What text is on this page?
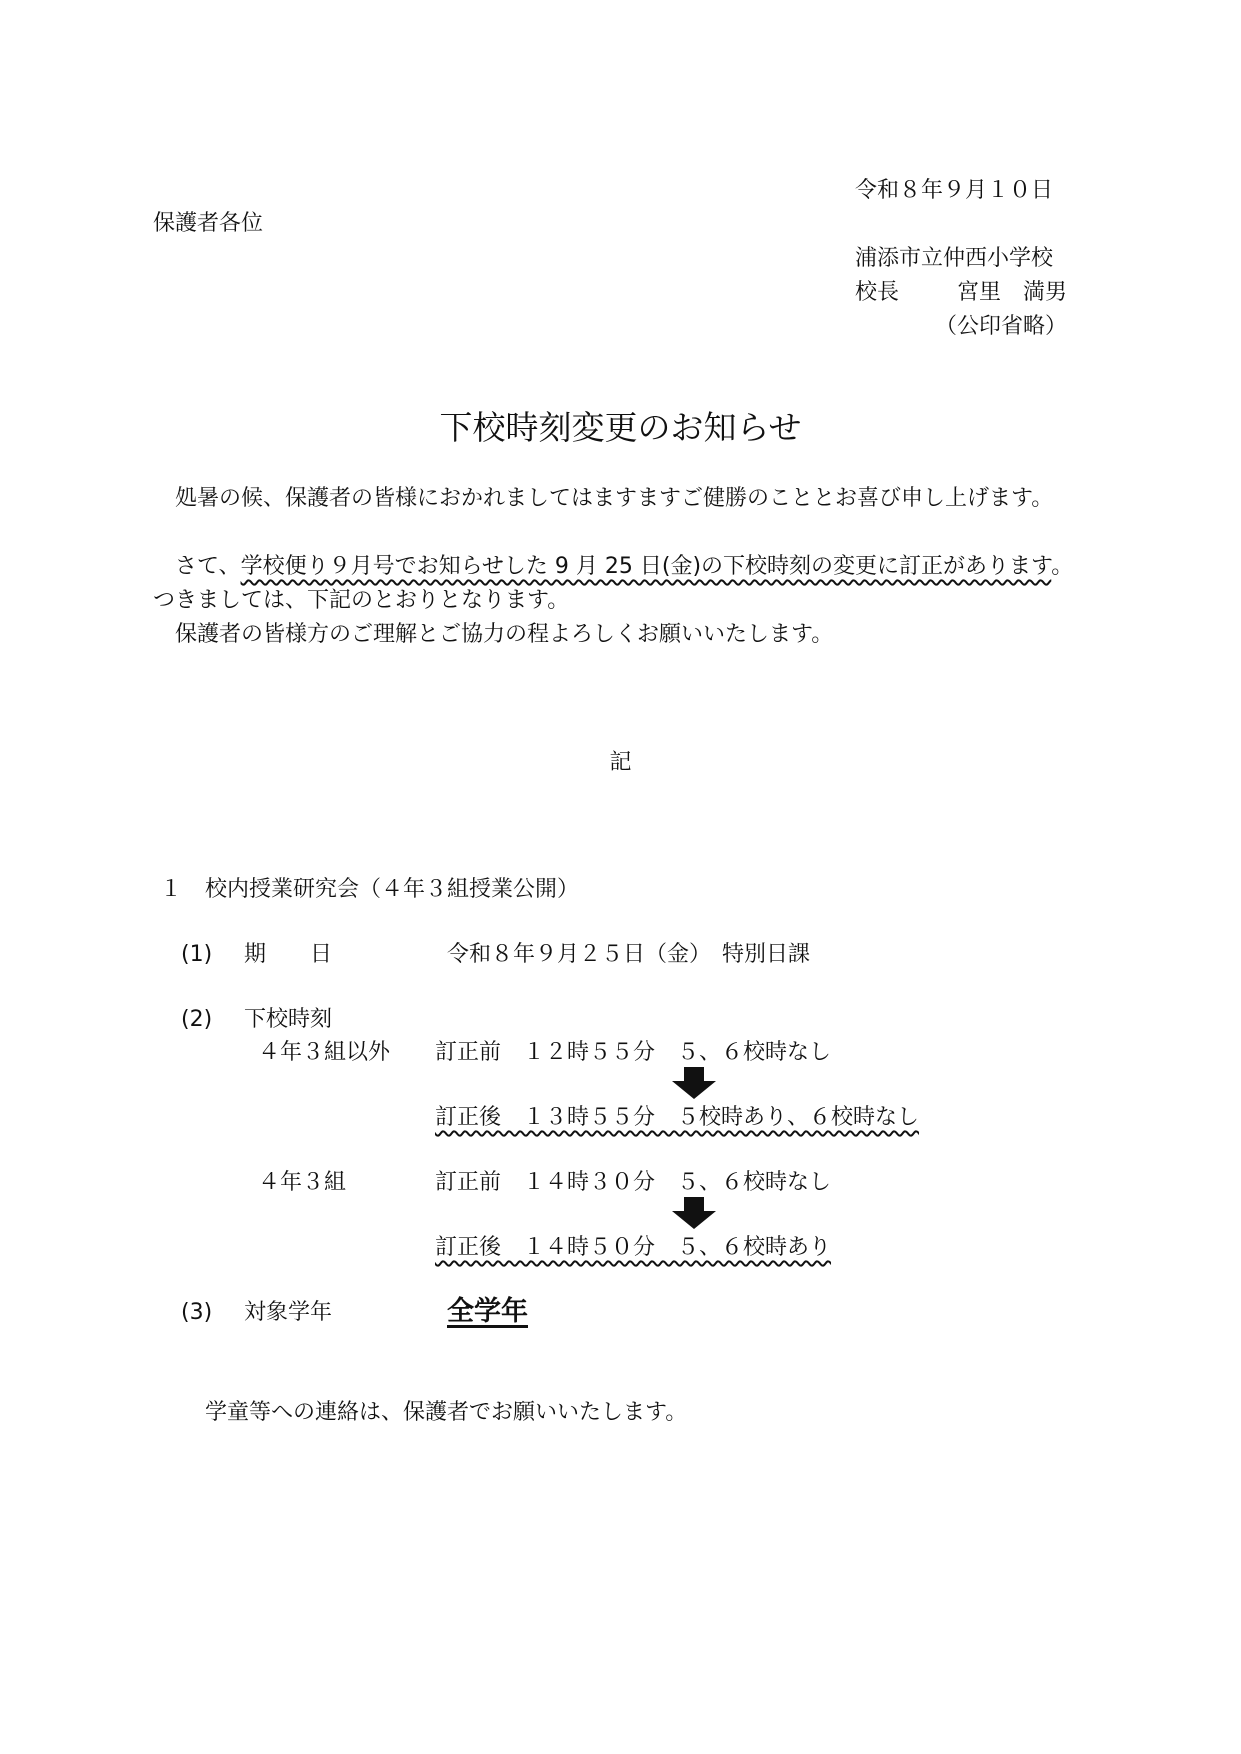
令和８年９月１０日
保護者各位
浦添市立仲西小学校
校長	宮里　満男
（公印省略）
下校時刻変更のお知らせ
　処暑の候、保護者の皆様におかれましてはますますご健勝のこととお喜び申し上げます。
　さて、学校便り９月号でお知らせした 9 月 25 日(金)の下校時刻の変更に訂正があります。つきましては、下記のとおりとなります。
　保護者の皆様方のご理解とご協力の程よろしくお願いいたします。
記
１ 校内授業研究会（４年３組授業公開）
(1) 期　　日	令和８年９月２５日（金）　特別日課
(2) 下校時刻
４年３組以外 訂正前　１２時５５分　５、６校時なし
訂正後　１３時５５分　５校時あり、６校時なし
４年３組	訂正前　１４時３０分　５、６校時なし
訂正後　１４時５０分　５、６校時あり
(3) 対象学年	全学年
学童等への連絡は、保護者でお願いいたします。
